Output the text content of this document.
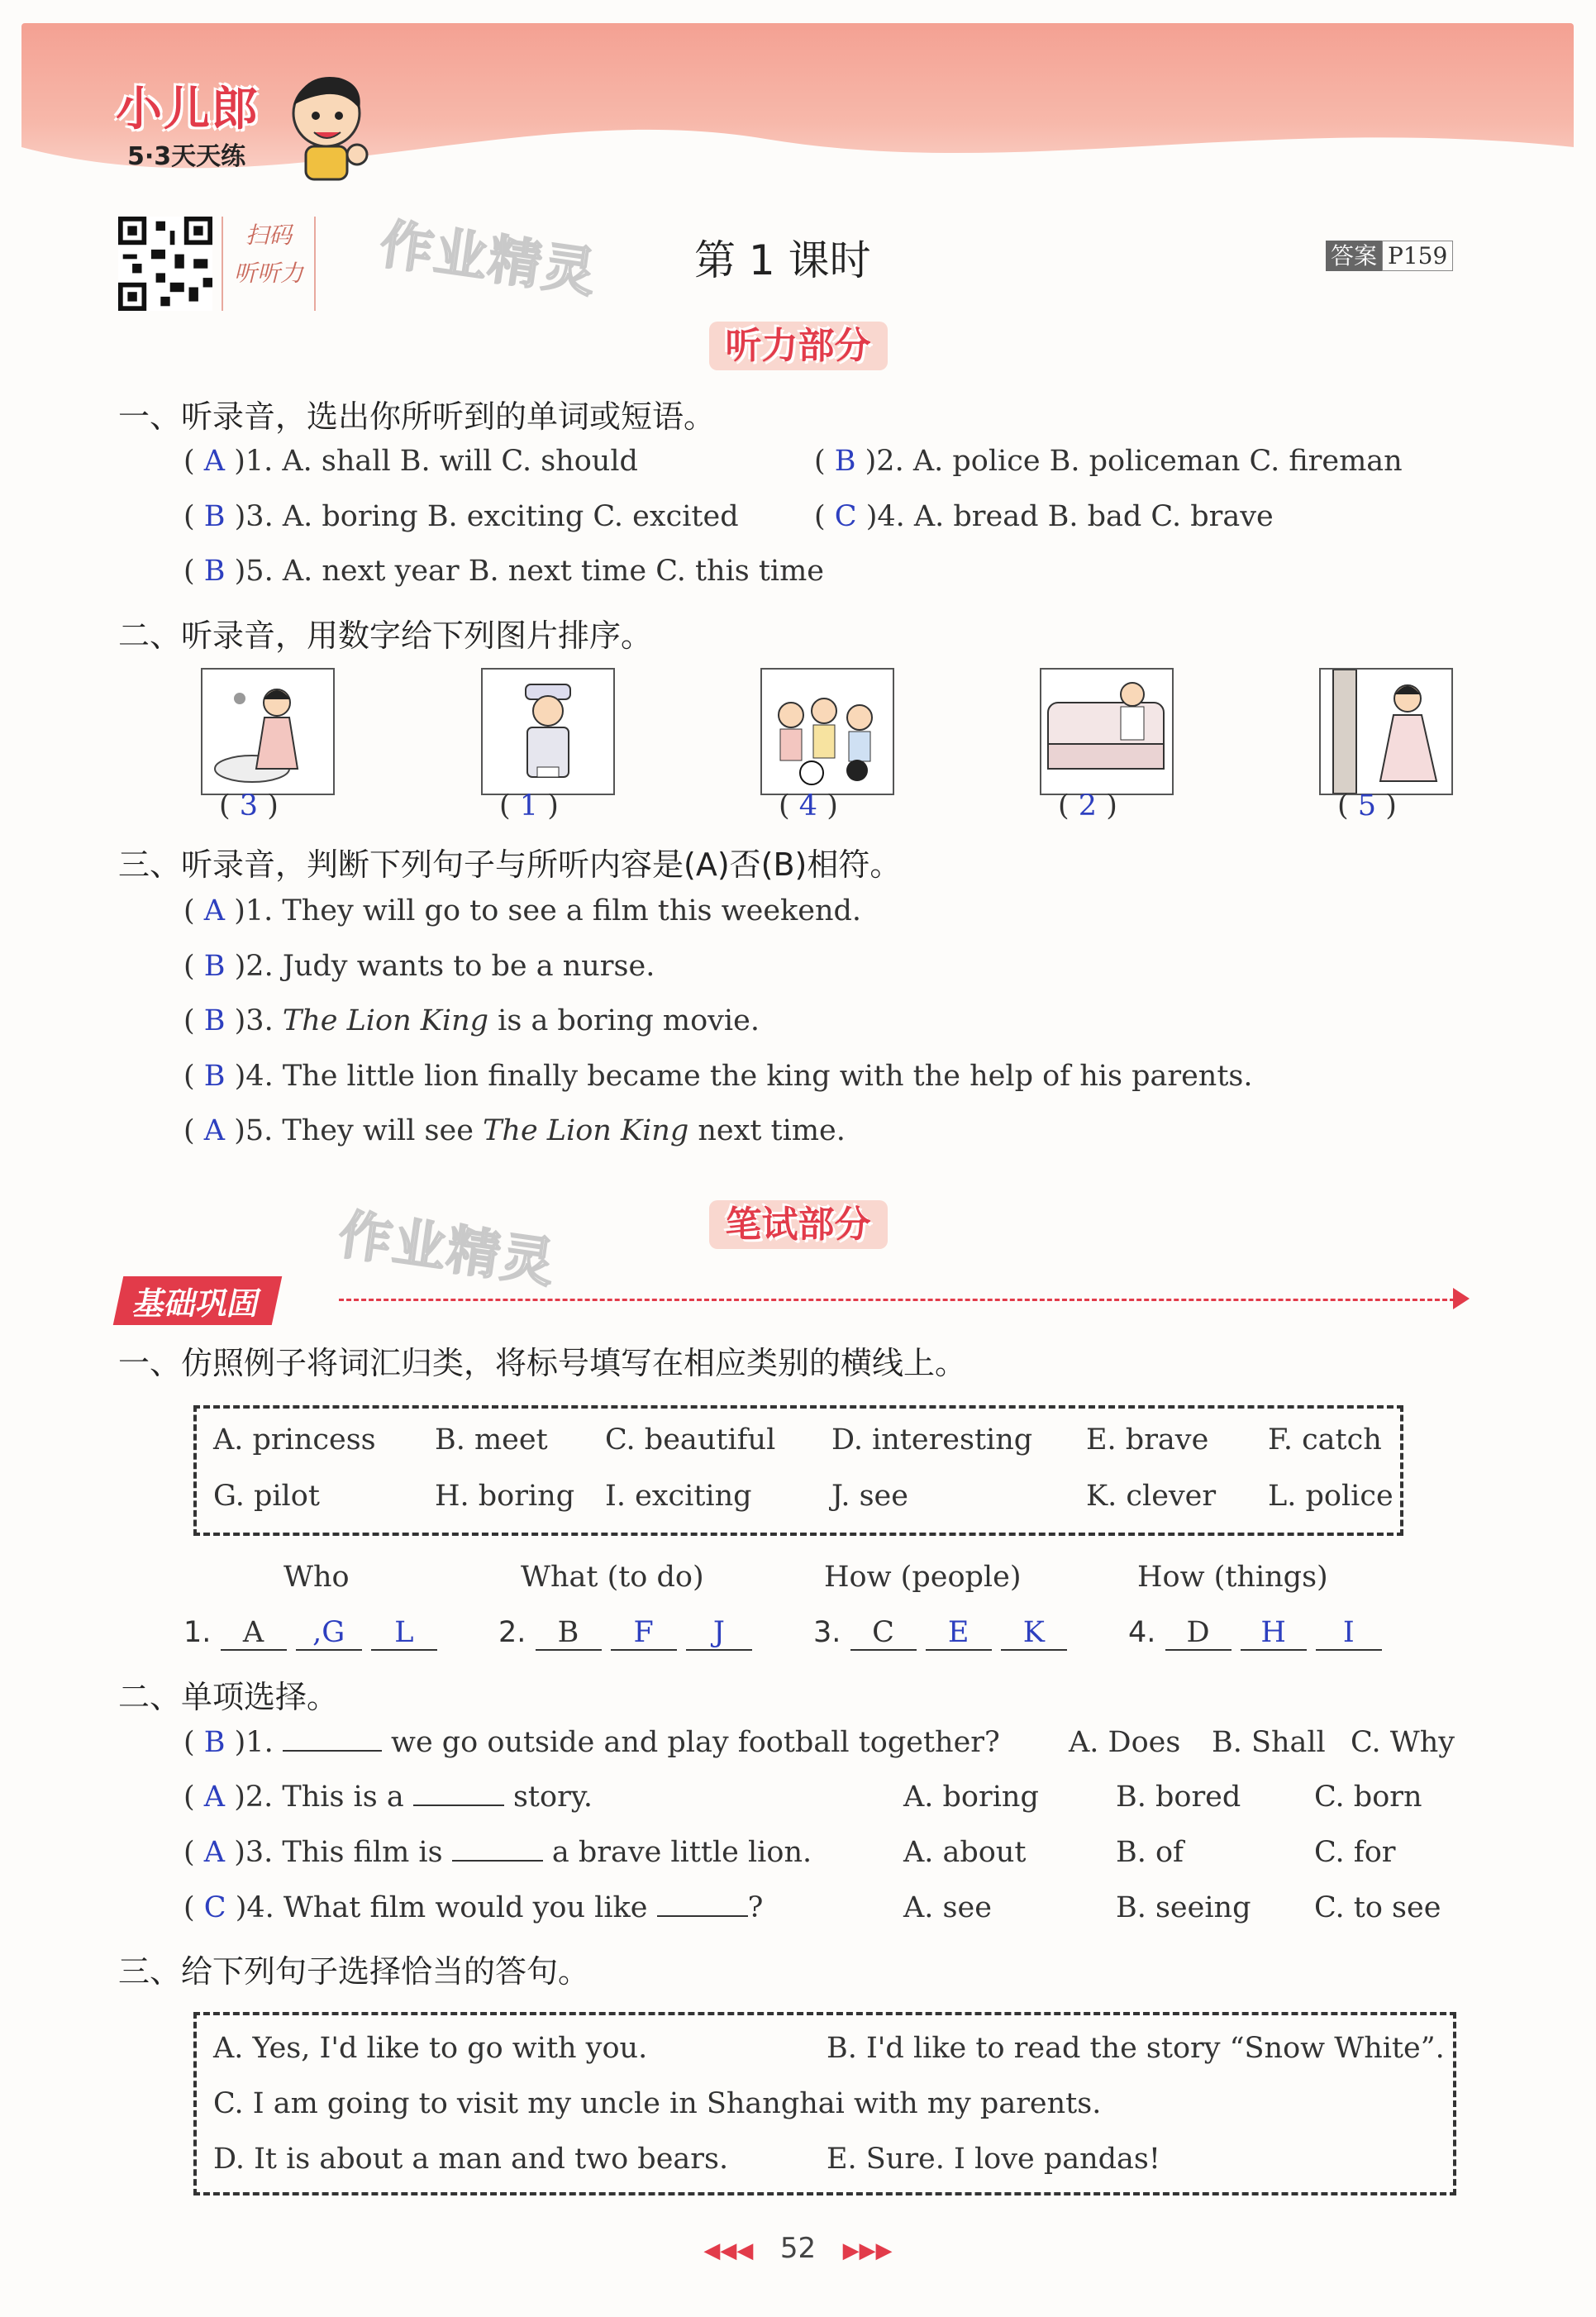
小儿郎
5·3天天练
扫码
听听力 作业精灵 第 1 课时	答案 P159
听力部分
一、听录音，选出你所听到的单词或短语。
( A )1. A. shall B. will C. should	( B )2. A. police B. policeman C. fireman
( B )3. A. boring B. exciting C. excited	( C )4. A. bread B. bad C. brave
( B )5. A. next year B. next time C. this time
二、听录音，用数字给下列图片排序。
( 3 )	( 1 )	( 4 )	( 2 )	( 5 )
三、听录音，判断下列句子与所听内容是(A)否(B)相符。
( A )1. They will go to see a film this weekend.
( B )2. Judy wants to be a nurse.
( B )3. The Lion King is a boring movie.
( B )4. The little lion finally became the king with the help of his parents.
( A )5. They will see The Lion King next time.
作业精灵	笔试部分
基础巩固
一、仿照例子将词汇归类，将标号填写在相应类别的横线上。
A. princess B. meet C. beautiful D. interesting E. brave F. catch
G. pilot	H. boring I. exciting	J. see	K. clever L. police
Who	What (to do)	How (people)	How (things)
1. A ,G L	2. B F J	3. C E K	4. D H I
二、单项选择。
( B )1.	we go outside and play football together? A. Does B. Shall C. Why
( A )2. This is a	story.	A. boring	B. bored	C. born
( A )3. This film is	a brave little lion.	A. about	B. of	C. for
( C )4. What film would you like	?	A. see	B. seeing C. to see
三、给下列句子选择恰当的答句。
A. Yes, I'd like to go with you.	B. I'd like to read the story “Snow White”.
C. I am going to visit my uncle in Shanghai with my parents.
D. It is about a man and two bears.	E. Sure. I love pandas!
◀◀◀ 52 ▶▶▶
